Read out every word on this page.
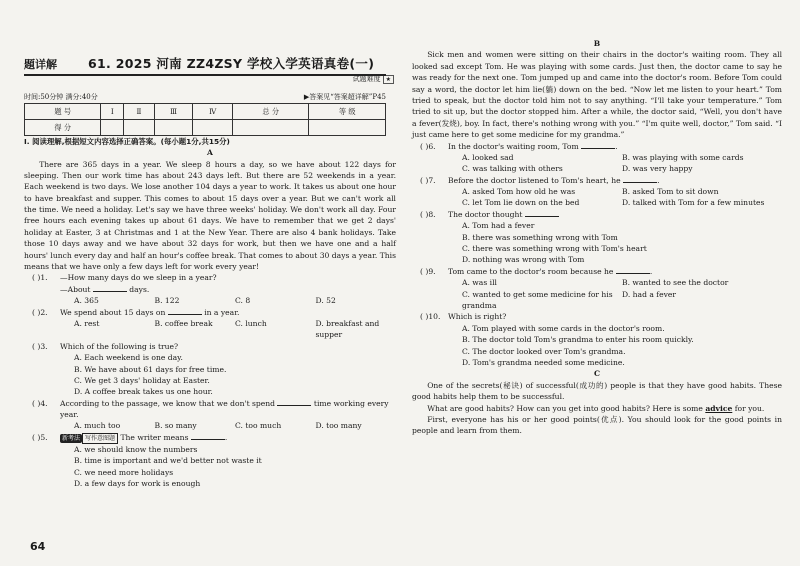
題详解 61. 2025 河南 ZZ4ZSY 学校入学英语真卷(一)
试题难度 ★
时间:50分钟 满分:40分	▶答案见“答案超详解”P45
题 号	Ⅰ	Ⅱ	Ⅲ	Ⅳ	总 分	等 级
得 分						
Ⅰ. 阅读理解,根据短文内容选择正确答案。(每小题1分,共15分)
A
There are 365 days in a year. We sleep 8 hours a day, so we have about 122 days for sleeping. Then our work time has about 243 days left. But there are 52 weekends in a year. Each weekend is two days. We lose another 104 days a year to work. It takes us about one hour to have breakfast and supper. This comes to about 15 days over a year. But we can't work all the time. We need a holiday. Let's say we have three weeks' holiday. We don't work all day. Four free hours each evening takes up about 61 days. We have to remember that we get 2 days' holiday at Easter, 3 at Christmas and 1 at the New Year. There are also 4 bank holidays. Take those 10 days away and we have about 32 days for work, but then we have one and a half hours' lunch every day and half an hour's coffee break. That comes to about 30 days a year. This means that we have only a few days left for work every year!
( )1. —How many days do we sleep in a year?
—About	days.
A. 365	B. 122	C. 8	D. 52
( )2. We spend about 15 days on	in a year.
A. rest	B. coffee break	C. lunch	D. breakfast and supper
( )3. Which of the following is true?
A. Each weekend is one day.
B. We have about 61 days for free time.
C. We get 3 days' holiday at Easter.
D. A coffee break takes us one hour.
( )4. According to the passage, we know that we don't spend	time working every year.
A. much too	B. so many	C. too much	D. too many
( )5. 新考法 写作意图题 The writer means	.
A. we should know the numbers
B. time is important and we'd better not waste it
C. we need more holidays
D. a few days for work is enough
64
B
Sick men and women were sitting on their chairs in the doctor's waiting room. They all looked sad except Tom. He was playing with some cards. Just then, the doctor came to say he was ready for the next one. Tom jumped up and came into the doctor's room. Before Tom could say a word, the doctor let him lie(躺) down on the bed. “Now let me listen to your heart.” Tom tried to speak, but the doctor told him not to say anything. “I'll take your temperature.” Tom tried to sit up, but the doctor stopped him. After a while, the doctor said, “Well, you don't have a fever(发烧), boy. In fact, there's nothing wrong with you.” “I'm quite well, doctor,” Tom said. “I just came here to get some medicine for my grandma.”
( )6. In the doctor's waiting room, Tom	.
A. looked sad	B. was playing with some cards
C. was talking with others	D. was very happy
( )7. Before the doctor listened to Tom's heart, he	.
A. asked Tom how old he was	B. asked Tom to sit down
C. let Tom lie down on the bed	D. talked with Tom for a few minutes
( )8. The doctor thought
A. Tom had a fever
B. there was something wrong with Tom
C. there was something wrong with Tom's heart
D. nothing was wrong with Tom
( )9. Tom came to the doctor's room because he	.
A. was ill	B. wanted to see the doctor
C. wanted to get some medicine for his grandma
D. had a fever
( )10. Which is right?
A. Tom played with some cards in the doctor's room.
B. The doctor told Tom's grandma to enter his room quickly.
C. The doctor looked over Tom's grandma.
D. Tom's grandma needed some medicine.
C
One of the secrets(秘诀) of successful(成功的) people is that they have good habits. These good habits help them to be successful.
What are good habits? How can you get into good habits? Here is some advice for you.
First, everyone has his or her good points(优点). You should look for the good points in people and learn from them.
